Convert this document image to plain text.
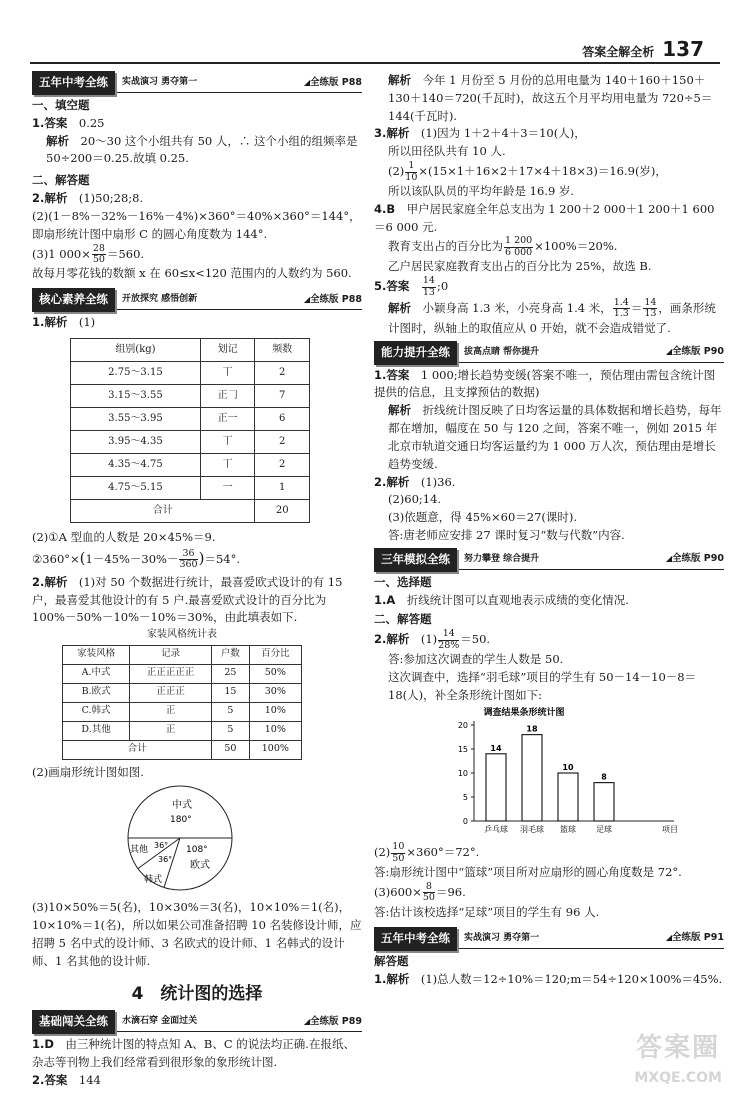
答案全解全析 137
五年中考全练	实战演习 勇夺第一	◢ 全练版 P88
一、填空题

1.答案　 0.25

解析　 20～30 这个小组共有 50 人，∴ 这个小组的组频率是 50÷200＝0.25.故填 0.25.

二、解答题

2.解析　 (1)50;28;8.

(2)(1－8%－32%－16%－4%)×360°＝40%×360°＝144°，即扇形统计图中扇形 C 的圆心角度数为 144°.

(3)1 $000\times \frac{28}{50} =560$.

故每月零花钱的数额 x 在 60≤x<120 范围内的人数约为 560.

核心素养全练	开放探究 感悟创新	◢ 全练版 P88

1.解析　 (1)

组别(kg)	划记	频数
2.75～3.15	丅	2
3.15～3.55	正𠃌	7
3.55～3.95	正一	6
3.95～4.35	丅	2
4.35～4.75	丅	2
4.75～5.15	一	1
合计		20

(2)①A 型血的人数是 20×45%＝9.

②360°×(1－45%－30%－ $\frac{36}{360} )=54^\circ$.

2.解析　 (1)对 50 个数据进行统计，最喜爱欧式设计的有 15 户，最喜爱其他设计的有 5 户.最喜爱欧式设计的百分比为 100%－50%－10%－10%＝30%，由此填表如下.

家装风格统计表
家装风格	记录	户数	百分比
A.中式	正正正正正	25	50%
B.欧式	正正正	15	30%
C.韩式	正	5	10%
D.其他	正	5	10%
合计		50	100%

(2)画扇形统计图如图.

中式
180°
108°
欧式
其他 36°
36°
韩式

(3)10×50%＝5(名)，10×30%＝3(名)，10×10%＝1(名)，10×10%＝1(名)，所以如果公司准备招聘 10 名装修设计师，应招聘 5 名中式的设计师、3 名欧式的设计师、1 名韩式的设计师、1 名其他的设计师.

4　统计图的选择
基础闯关全练	水滴石穿 金面过关	◢ 全练版 P89

1.D　 由三种统计图的特点知 A、B、C 的说法均正确.在报纸、杂志等刊物上我们经常看到很形象的象形统计图.

2.答案　 144

解析　 今年 1 月份至 5 月份的总用电量为 140＋160＋150＋130＋140＝720(千瓦时)，故这五个月平均用电量为 720÷5＝144(千瓦时).

3.解析　 (1)因为 1＋2＋4＋3＝10(人)，

所以田径队共有 10 人.

$(2) \frac{1}{10} \times(15\times 1+16\times 2+17\times 4+18\times 3)=16.9$(岁)，

所以该队队员的平均年龄是 16.9 岁.

4.B　 甲户居民家庭全年总支出为 1 200＋2 000＋1 200＋1 600＝6 000 元.

教育支出占的百分比为 $\frac{1 200}{6 000} \times 100\%=20\%$.

乙户居民家庭教育支出占的百分比为 25%，故选 B.

5.答案　 $\frac{14}{13}$ ;0

解析　 小颖身高 1.3 米，小亮身高 1.4 米， $\frac{1.4}{1.3} = \frac{14}{13}$ ，画条形统计图时，纵轴上的取值应从 0 开始，就不会造成错觉了.

能力提升全练	拔高点睛 帮你提升	◢ 全练版 P90

1.答案　 1 000;增长趋势变缓(答案不唯一，预估理由需包含统计图提供的信息，且支撑预估的数据)

解析　 折线统计图反映了日均客运量的具体数据和增长趋势，每年都在增加，幅度在 50 与 120 之间，答案不唯一，例如 2015 年北京市轨道交通日均客运量约为 1 000 万人次，预估理由是增长趋势变缓.

2.解析　 (1)36.

(2)60;14.

(3)依题意，得 45%×60＝27(课时).

答:唐老师应安排 27 课时复习“数与代数”内容.

三年模拟全练	努力攀登 综合提升	◢ 全练版 P90
一、选择题

1.A　 折线统计图可以直观地表示成绩的变化情况.

二、解答题

2.解析　 $(1) \frac{14}{28\%} =50$.

答:参加这次调查的学生人数是 50.

这次调查中，选择“羽毛球”项目的学生有 50－14－10－8＝18(人)，补全条形统计图如下:

调查结果条形统计图
0
5
10
15
20
14
乒乓球
18
羽毛球
10
篮球
8
足球	项目

$(2) \frac{10}{50} \times 360^\circ=72^\circ$.

答:扇形统计图中“篮球”项目所对应扇形的圆心角度数是 72°.

$(3)600\times \frac{8}{50} =96$.

答:估计该校选择“足球”项目的学生有 96 人.

五年中考全练	实战演习 勇夺第一	◢ 全练版 P91
解答题

1.解析　 (1)总人数＝12÷10%＝120;m＝54÷120×100%＝45%.

答案圈
MXQE.COM
